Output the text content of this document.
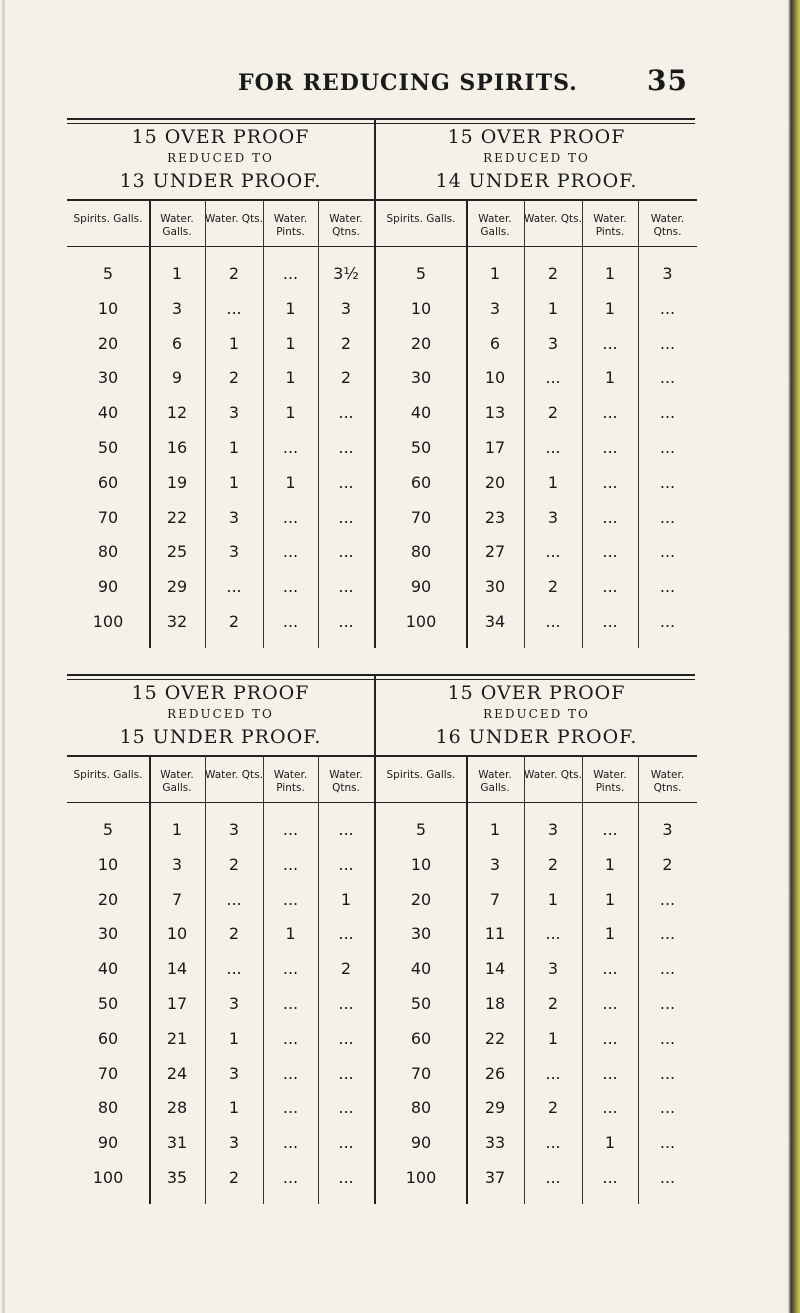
FOR REDUCING SPIRITS. 35
15 OVER PROOF
REDUCED TO
13 UNDER PROOF.
Spirits. Galls.	Water. Galls.
Water. Qts.	Water. Pints.
Water. Qtns.
5	1	2	...	3½
10	3	...	1	3
20	6	1	1	2
30	9	2	1	2
40	12	3	1	...
50	16	1	...	...
60	19	1	1	...
70	22	3	...	...
80	25	3	...	...
90	29	...	...	...
100	32	2	...	...
15 OVER PROOF
REDUCED TO
14 UNDER PROOF.
Spirits. Galls.	Water. Galls.
Water. Qts.	Water. Pints.
Water. Qtns.
5	1	2	1	3
10	3	1	1	...
20	6	3	...	...
30	10	...	1	...
40	13	2	...	...
50	17	...	...	...
60	20	1	...	...
70	23	3	...	...
80	27	...	...	...
90	30	2	...	...
100	34	...	...	...
15 OVER PROOF
REDUCED TO
15 UNDER PROOF.
Spirits. Galls.	Water. Galls.
Water. Qts.	Water. Pints.
Water. Qtns.
5	1	3	...	...
10	3	2	...	...
20	7	...	...	1
30	10	2	1	...
40	14	...	...	2
50	17	3	...	...
60	21	1	...	...
70	24	3	...	...
80	28	1	...	...
90	31	3	...	...
100	35	2	...	...
15 OVER PROOF
REDUCED TO
16 UNDER PROOF.
Spirits. Galls.	Water. Galls.
Water. Qts.	Water. Pints.
Water. Qtns.
5	1	3	...	3
10	3	2	1	2
20	7	1	1	...
30	11	...	1	...
40	14	3	...	...
50	18	2	...	...
60	22	1	...	...
70	26	...	...	...
80	29	2	...	...
90	33	...	1	...
100	37	...	...	...
